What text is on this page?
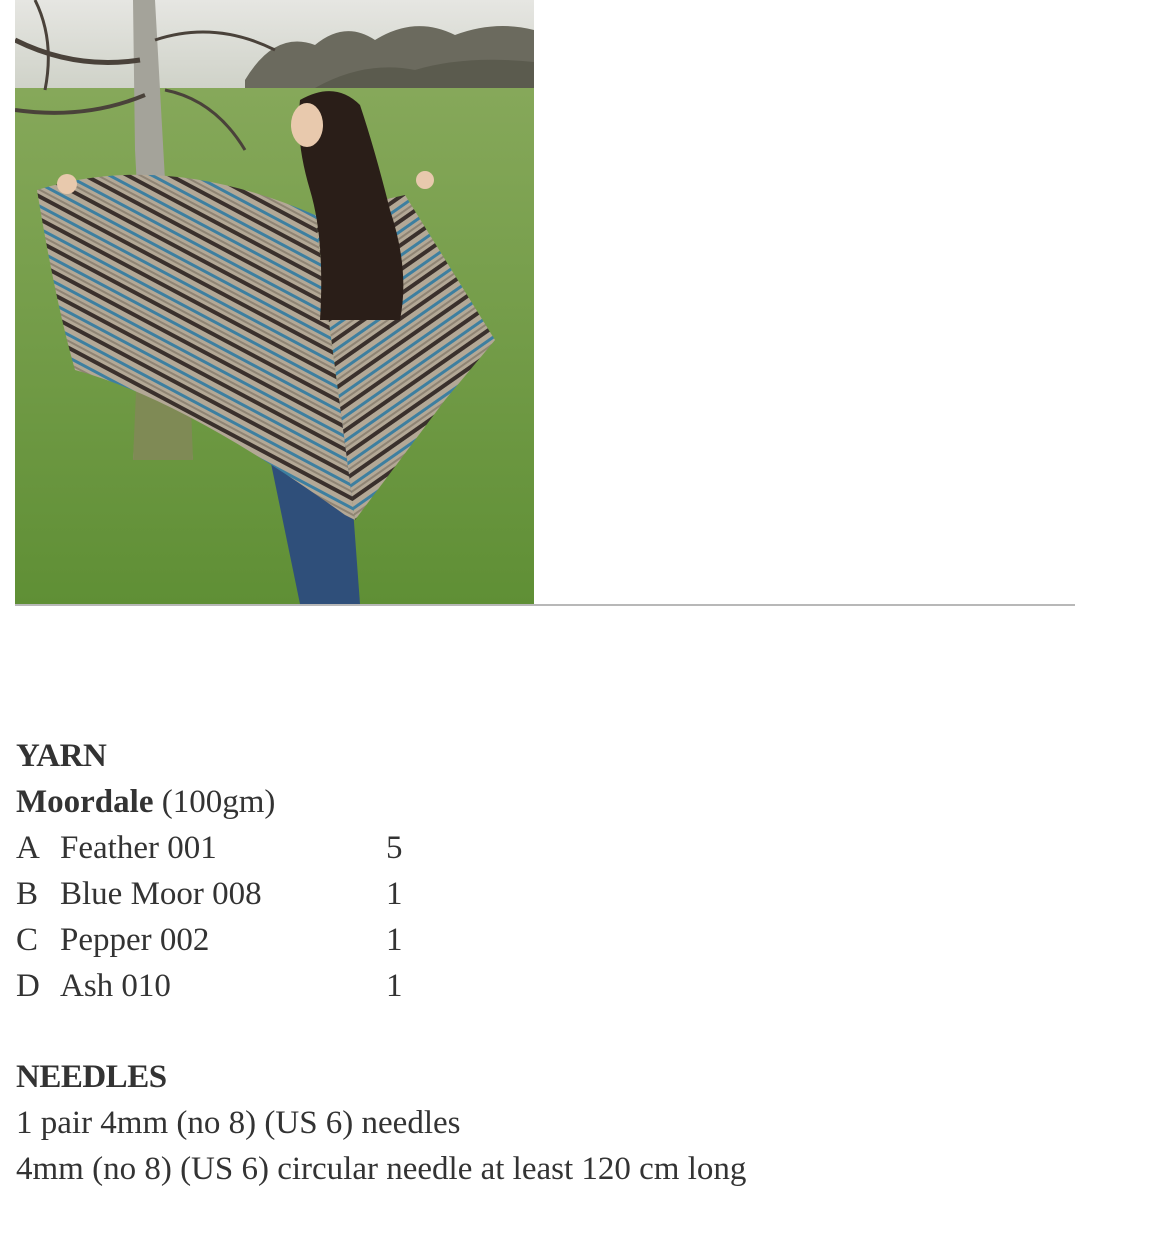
YARN
Moordale (100gm)
A Feather 001	5
B Blue Moor 008	1
C Pepper 002	1
D Ash 010	1
NEEDLES
1 pair 4mm (no 8) (US 6) needles
4mm (no 8) (US 6) circular needle at least 120 cm long
